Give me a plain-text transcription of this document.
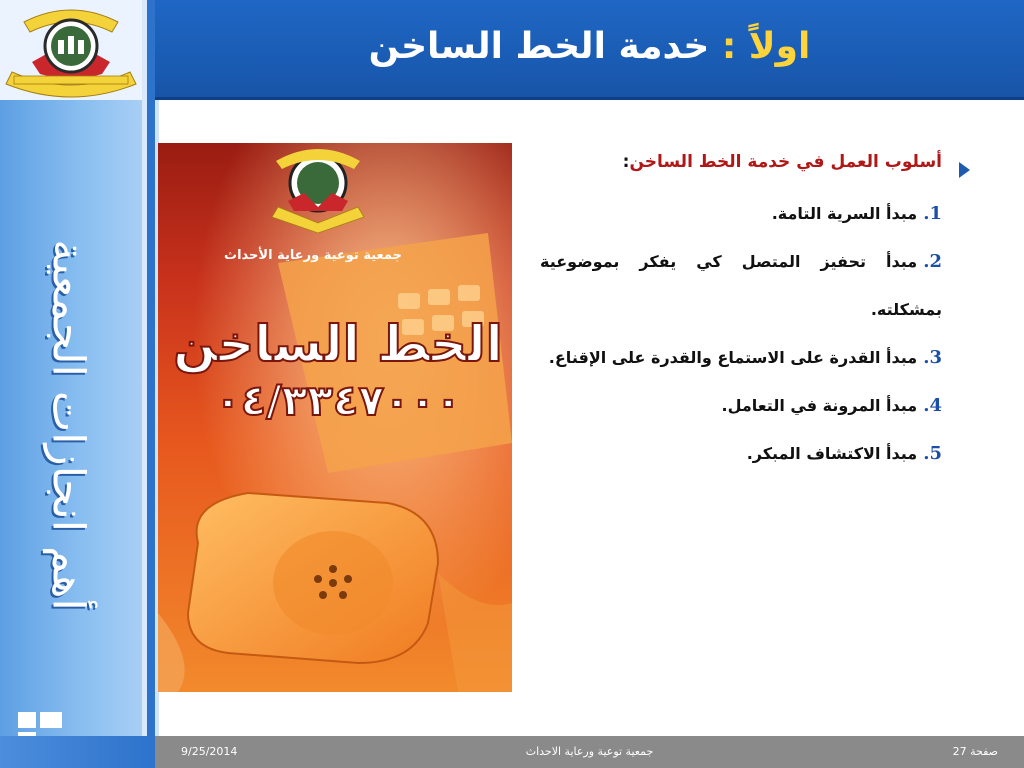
اولاً : خدمة الخط الساخن
أهم انجازات الجمعية	جمعية توعية ورعاية الأحداث
الخط الساخن
٠٤/٣٣٤٧٠٠٠
أسلوب العمل في خدمة الخط الساخن:
1.مبدأ السرية التامة.
2.مبدأ تحفيز المتصل كي يفكر بموضوعية بمشكلته.
3.مبدأ القدرة على الاستماع والقدرة على الإقناع.
4.مبدأ المرونة في التعامل.
5.مبدأ الاكتشاف المبكر.
9/25/2014	جمعية توعية ورعاية الاحداث	صفحة 27
